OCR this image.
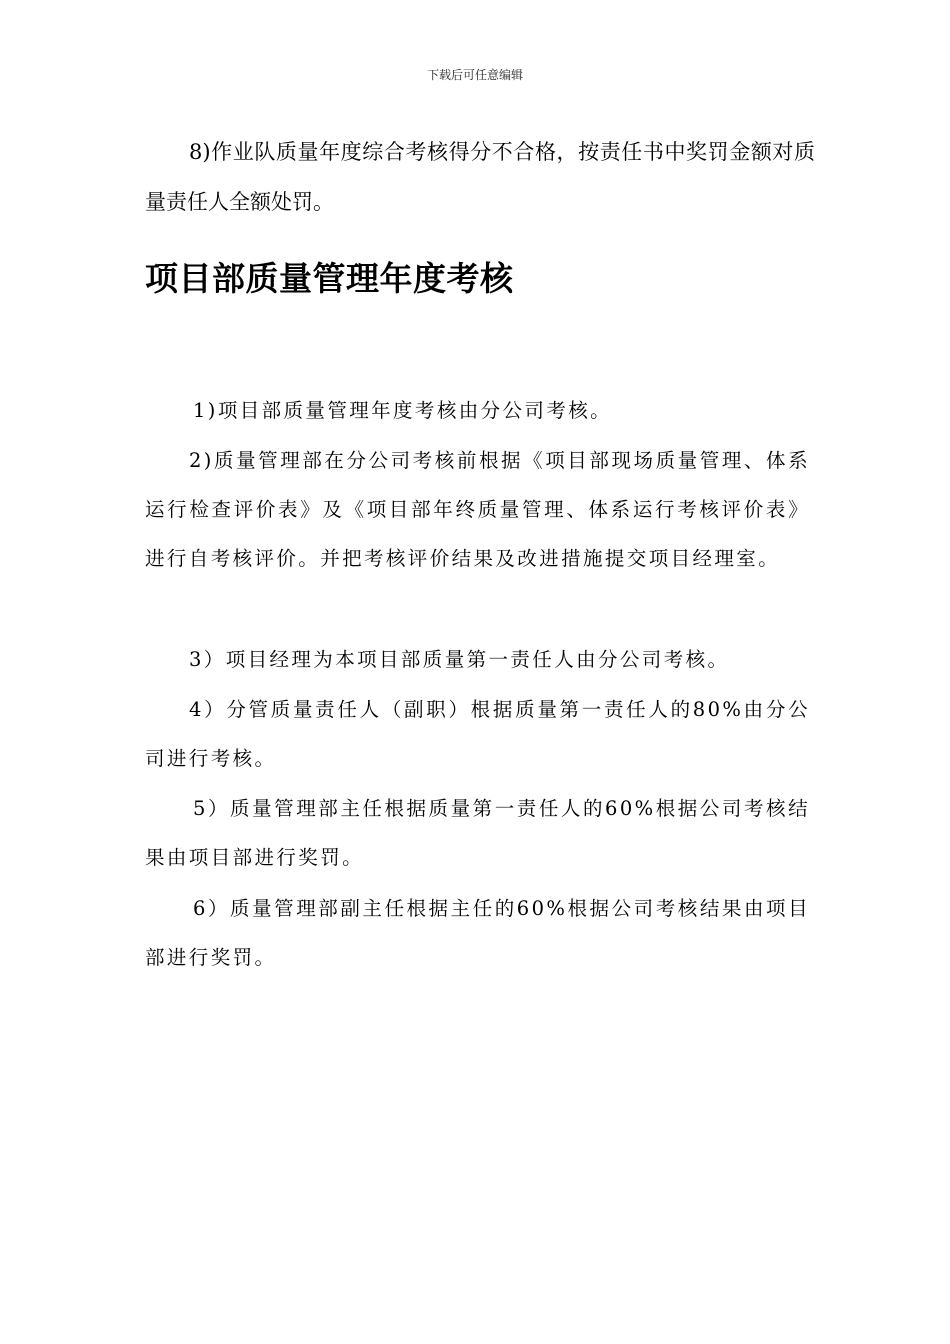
下载后可任意编辑

8)作业队质量年度综合考核得分不合格，按责任书中奖罚金额对质量责任人全额处罚。

项目部质量管理年度考核

1)项目部质量管理年度考核由分公司考核。

2)质量管理部在分公司考核前根据《项目部现场质量管理、体系运行检查评价表》及《项目部年终质量管理、体系运行考核评价表》进行自考核评价。并把考核评价结果及改进措施提交项目经理室。

3）项目经理为本项目部质量第一责任人由分公司考核。

4）分管质量责任人（副职）根据质量第一责任人的80%由分公司进行考核。

5）质量管理部主任根据质量第一责任人的60%根据公司考核结果由项目部进行奖罚。

6）质量管理部副主任根据主任的60%根据公司考核结果由项目部进行奖罚。
